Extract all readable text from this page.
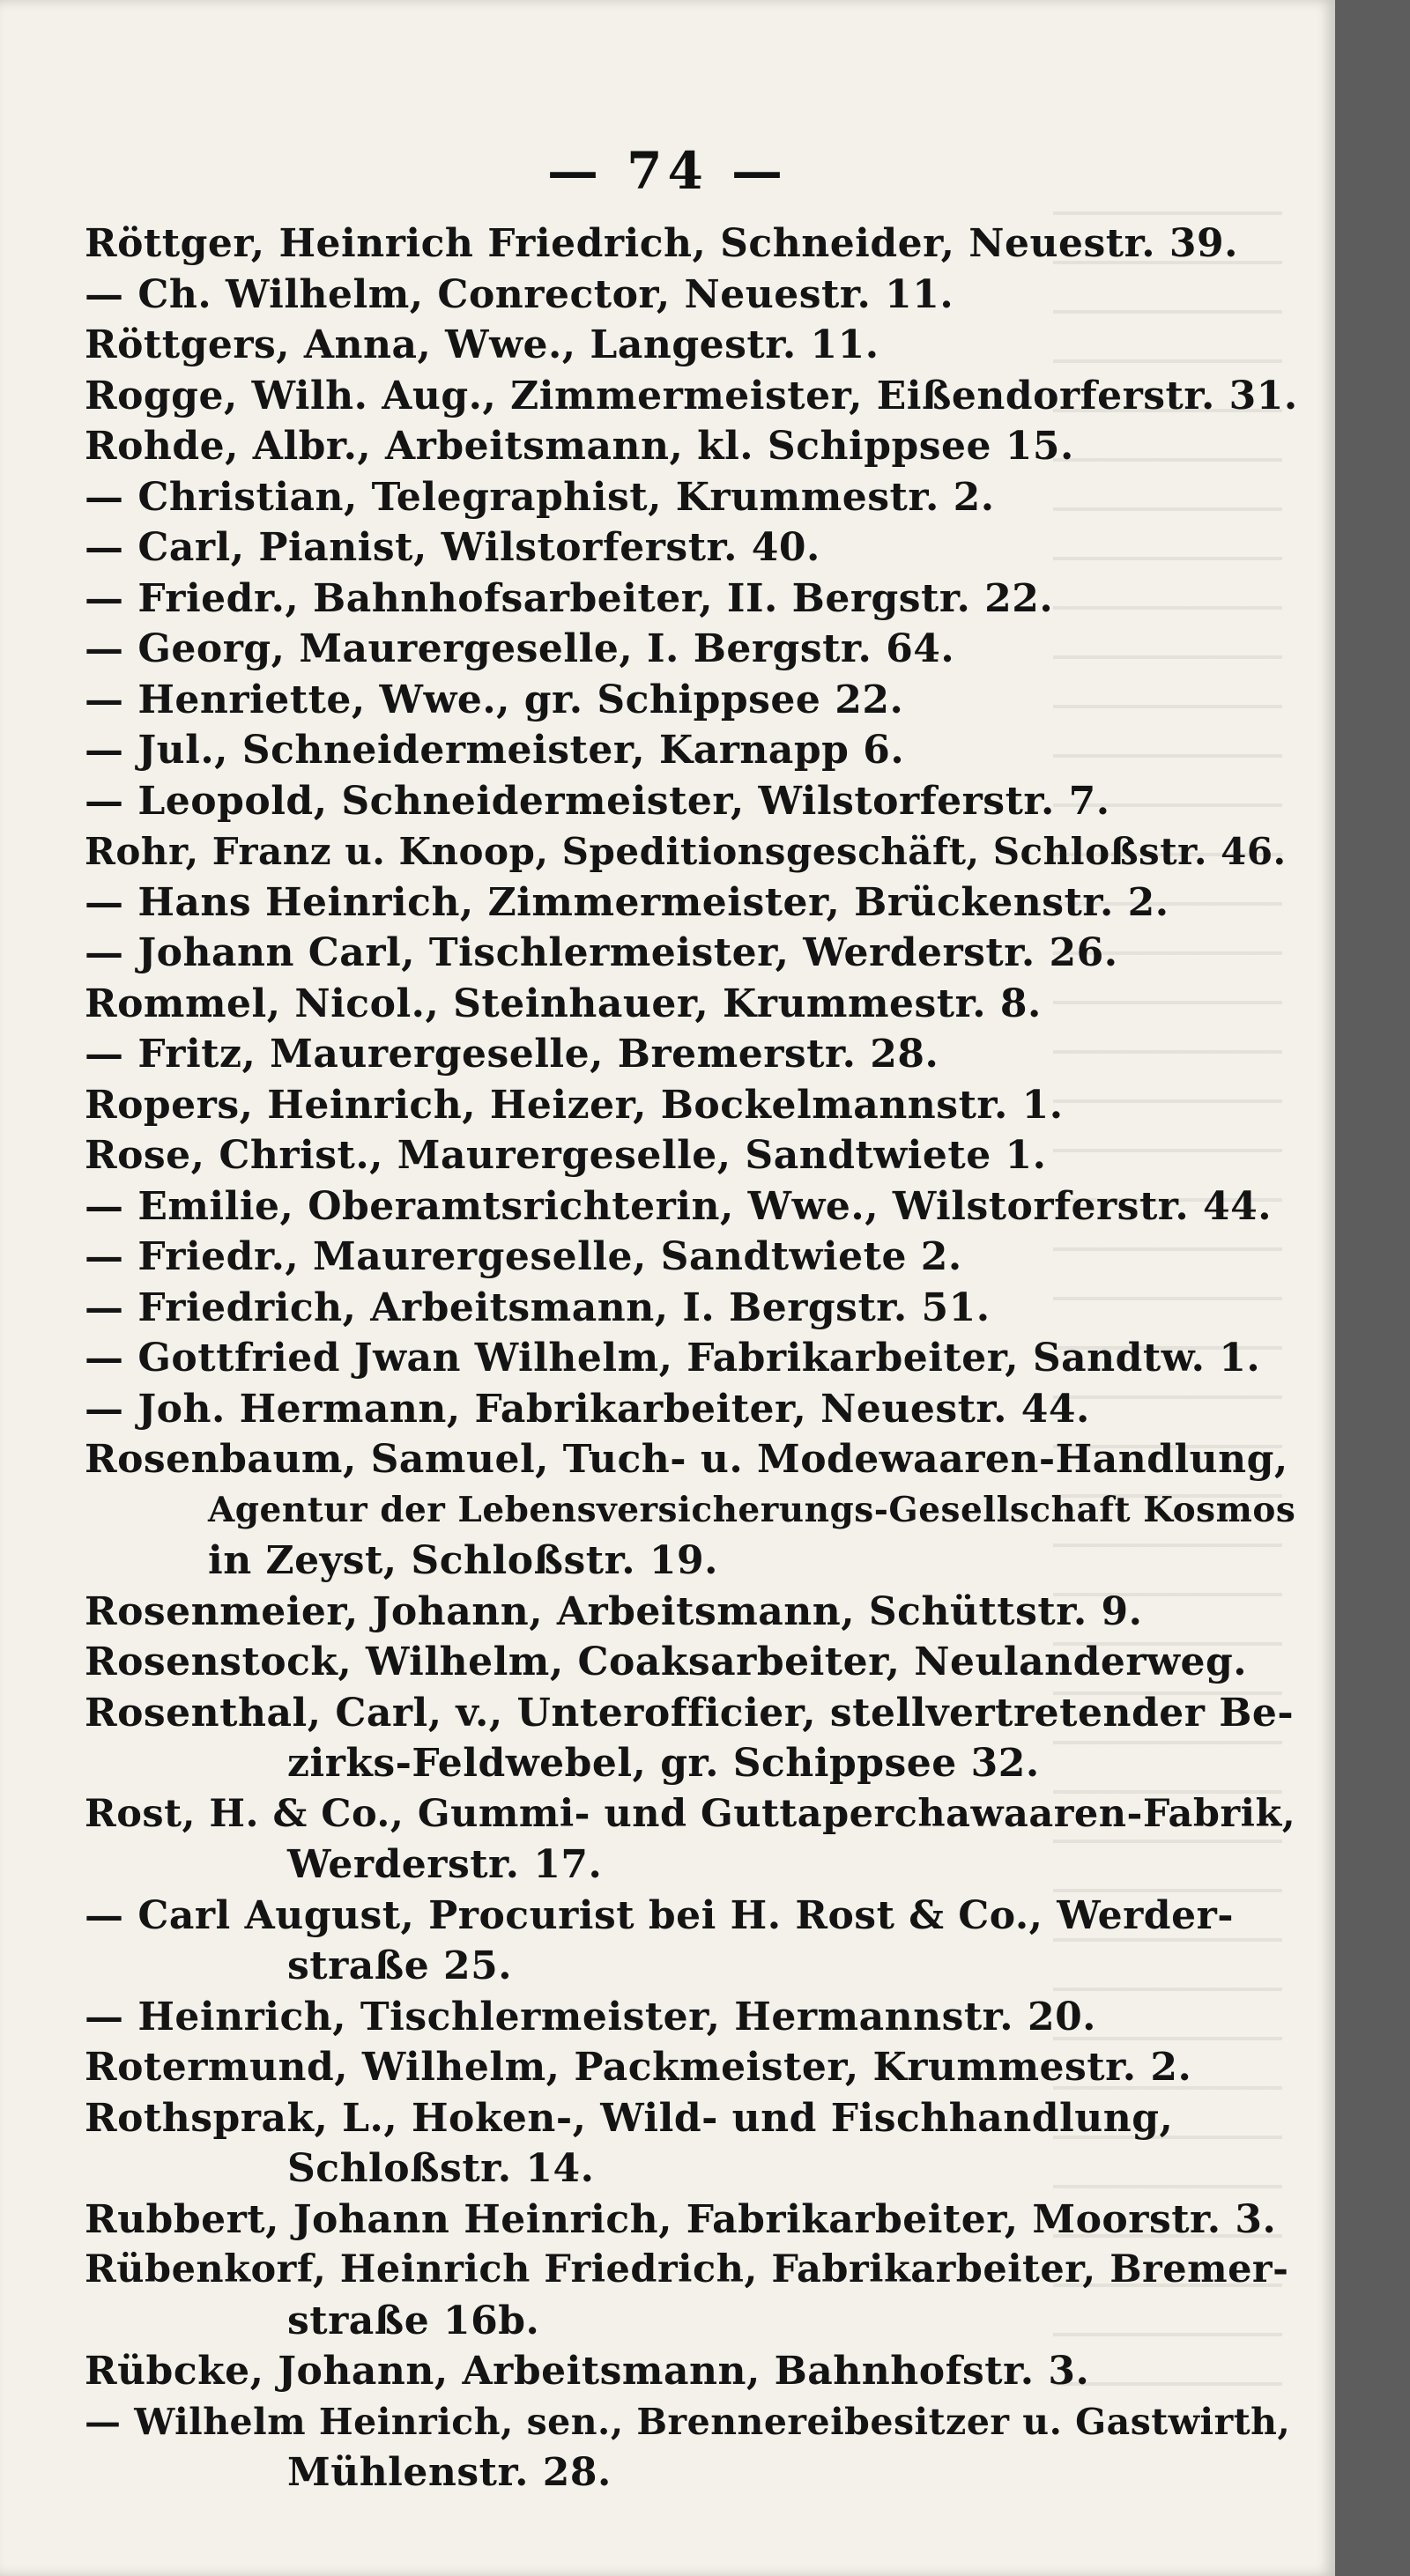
— 74 —
Röttger, Heinrich Friedrich, Schneider, Neuestr. 39.
— Ch. Wilhelm, Conrector, Neuestr. 11.
Röttgers, Anna, Wwe., Langestr. 11.
Rogge, Wilh. Aug., Zimmermeister, Eißendorferstr. 31.
Rohde, Albr., Arbeitsmann, kl. Schippsee 15.
— Christian, Telegraphist, Krummestr. 2.
— Carl, Pianist, Wilstorferstr. 40.
— Friedr., Bahnhofsarbeiter, II. Bergstr. 22.
— Georg, Maurergeselle, I. Bergstr. 64.
— Henriette, Wwe., gr. Schippsee 22.
— Jul., Schneidermeister, Karnapp 6.
— Leopold, Schneidermeister, Wilstorferstr. 7.
Rohr, Franz u. Knoop, Speditionsgeschäft, Schloßstr. 46.
— Hans Heinrich, Zimmermeister, Brückenstr. 2.
— Johann Carl, Tischlermeister, Werderstr. 26.
Rommel, Nicol., Steinhauer, Krummestr. 8.
— Fritz, Maurergeselle, Bremerstr. 28.
Ropers, Heinrich, Heizer, Bockelmannstr. 1.
Rose, Christ., Maurergeselle, Sandtwiete 1.
— Emilie, Oberamtsrichterin, Wwe., Wilstorferstr. 44.
— Friedr., Maurergeselle, Sandtwiete 2.
— Friedrich, Arbeitsmann, I. Bergstr. 51.
— Gottfried Jwan Wilhelm, Fabrikarbeiter, Sandtw. 1.
— Joh. Hermann, Fabrikarbeiter, Neuestr. 44.
Rosenbaum, Samuel, Tuch- u. Modewaaren-Handlung,
Agentur der Lebensversicherungs-Gesellschaft Kosmos
in Zeyst, Schloßstr. 19.
Rosenmeier, Johann, Arbeitsmann, Schüttstr. 9.
Rosenstock, Wilhelm, Coaksarbeiter, Neulanderweg.
Rosenthal, Carl, v., Unterofficier, stellvertretender Be-
zirks-Feldwebel, gr. Schippsee 32.
Rost, H. & Co., Gummi- und Guttaperchawaaren-Fabrik,
Werderstr. 17.
— Carl August, Procurist bei H. Rost & Co., Werder-
straße 25.
— Heinrich, Tischlermeister, Hermannstr. 20.
Rotermund, Wilhelm, Packmeister, Krummestr. 2.
Rothsprak, L., Hoken-, Wild- und Fischhandlung,
Schloßstr. 14.
Rubbert, Johann Heinrich, Fabrikarbeiter, Moorstr. 3.
Rübenkorf, Heinrich Friedrich, Fabrikarbeiter, Bremer-
straße 16b.
Rübcke, Johann, Arbeitsmann, Bahnhofstr. 3.
— Wilhelm Heinrich, sen., Brennereibesitzer u. Gastwirth,
Mühlenstr. 28.
